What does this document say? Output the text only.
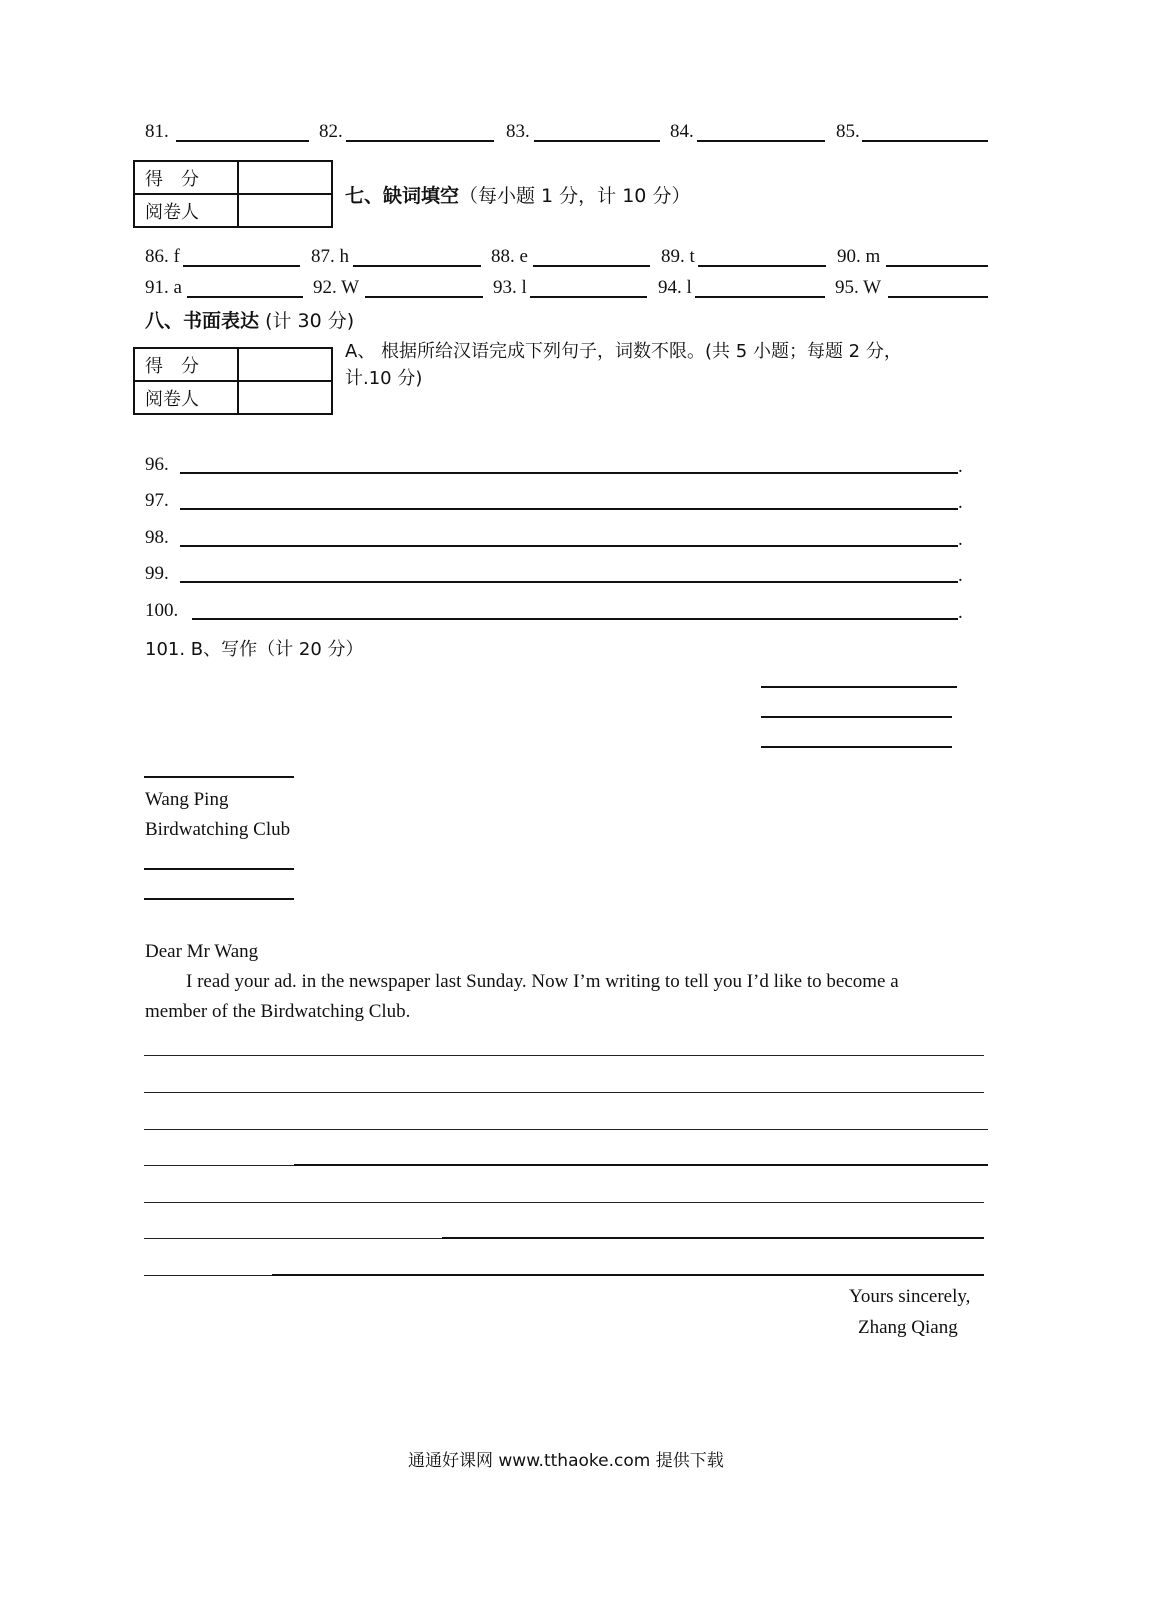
81.	82.	83.	84.	85.
得　分	
阅卷人	
七、缺词填空（每小题 1 分，计 10 分）
86. f	87. h	88. e	89. t	90. m
91. a	92. W	93. l	94. l	95. W
八、书面表达 (计 30 分)
得　分	
阅卷人	
A、 根据所给汉语完成下列句子，词数不限。(共 5 小题；每题 2 分，
计.10 分)
96.	.
97.	.
98.	.
99.	.
100.	.
101. B、写作（计 20 分）
Wang Ping
Birdwatching Club
Dear Mr Wang
I read your ad. in the newspaper last Sunday. Now I’m writing to tell you I’d like to become a
member of the Birdwatching Club.
Yours sincerely,
Zhang Qiang
通通好课网 www.tthaoke.com 提供下载
